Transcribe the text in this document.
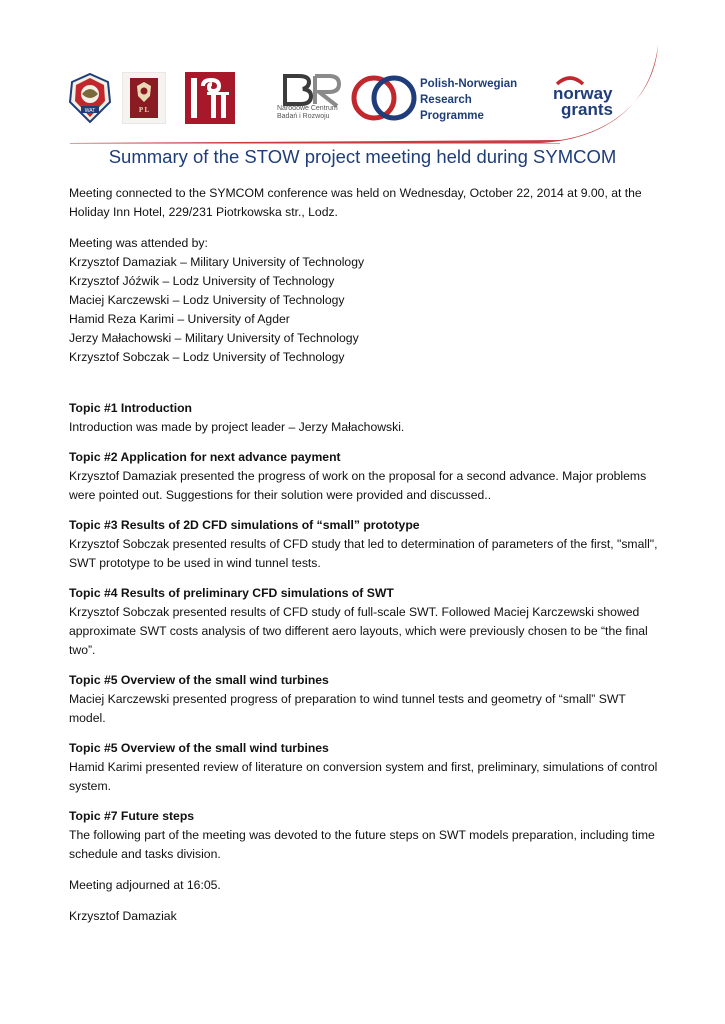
WAT	P L	Narodowe Centrum Badań i Rozwoju
Polish-Norwegian
Research
Programme
norway
grants
Summary of the STOW project meeting held during SYMCOM

Meeting connected to the SYMCOM conference was held on Wednesday, October 22, 2014 at 9.00, at the Holiday Inn Hotel, 229/231 Piotrkowska str., Lodz.

Meeting was attended by:

Krzysztof Damaziak – Military University of Technology

Krzysztof Jóźwik – Lodz University of Technology

Maciej Karczewski – Lodz University of Technology

Hamid Reza Karimi – University of Agder

Jerzy Małachowski – Military University of Technology

Krzysztof Sobczak – Lodz University of Technology

Topic #1 Introduction

Introduction was made by project leader – Jerzy Małachowski.

Topic #2 Application for next advance payment

Krzysztof Damaziak presented the progress of work on the proposal for a second advance. Major problems were pointed out. Suggestions for their solution were provided and discussed..

Topic #3 Results of 2D CFD simulations of “small” prototype

Krzysztof Sobczak presented results of CFD study that led to determination of parameters of the first, "small", SWT prototype to be used in wind tunnel tests.

Topic #4 Results of preliminary CFD simulations of SWT

Krzysztof Sobczak presented results of CFD study of full-scale SWT. Followed Maciej Karczewski showed approximate SWT costs analysis of two different aero layouts, which were previously chosen to be “the final two”.

Topic #5 Overview of the small wind turbines

Maciej Karczewski presented progress of preparation to wind tunnel tests and geometry of “small” SWT model.

Topic #5 Overview of the small wind turbines

Hamid Karimi presented review of literature on conversion system and first, preliminary, simulations of control system.

Topic #7 Future steps

The following part of the meeting was devoted to the future steps on SWT models preparation, including time schedule and tasks division.

Meeting adjourned at 16:05.

Krzysztof Damaziak
